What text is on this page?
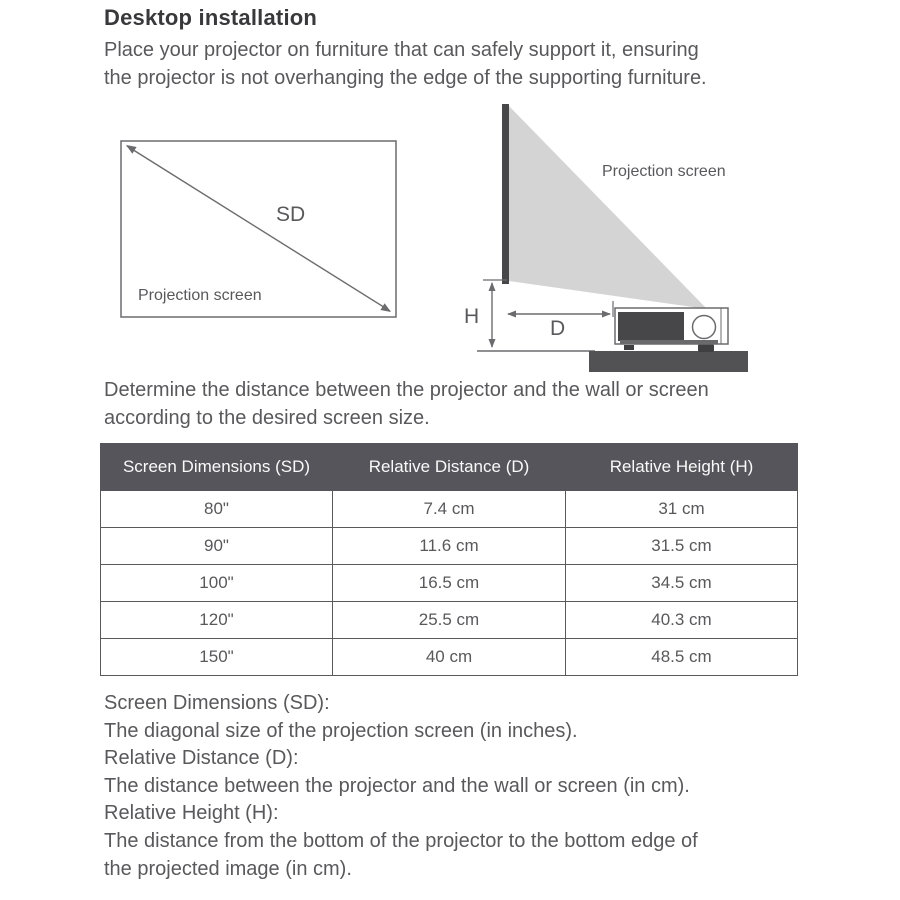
Desktop installation
Place your projector on furniture that can safely support it, ensuring
the projector is not overhanging the edge of the supporting furniture.
SD
Projection screen
Projection screen
H
D
Determine the distance between the projector and the wall or screen
according to the desired screen size.
Screen Dimensions (SD)	Relative Distance (D)	Relative Height (H)
80"	7.4 cm	31 cm
90"	11.6 cm	31.5 cm
100"	16.5 cm	34.5 cm
120"	25.5 cm	40.3 cm
150"	40 cm	48.5 cm
Screen Dimensions (SD):
The diagonal size of the projection screen (in inches).
Relative Distance (D):
The distance between the projector and the wall or screen (in cm).
Relative Height (H):
The distance from the bottom of the projector to the bottom edge of
the projected image (in cm).
